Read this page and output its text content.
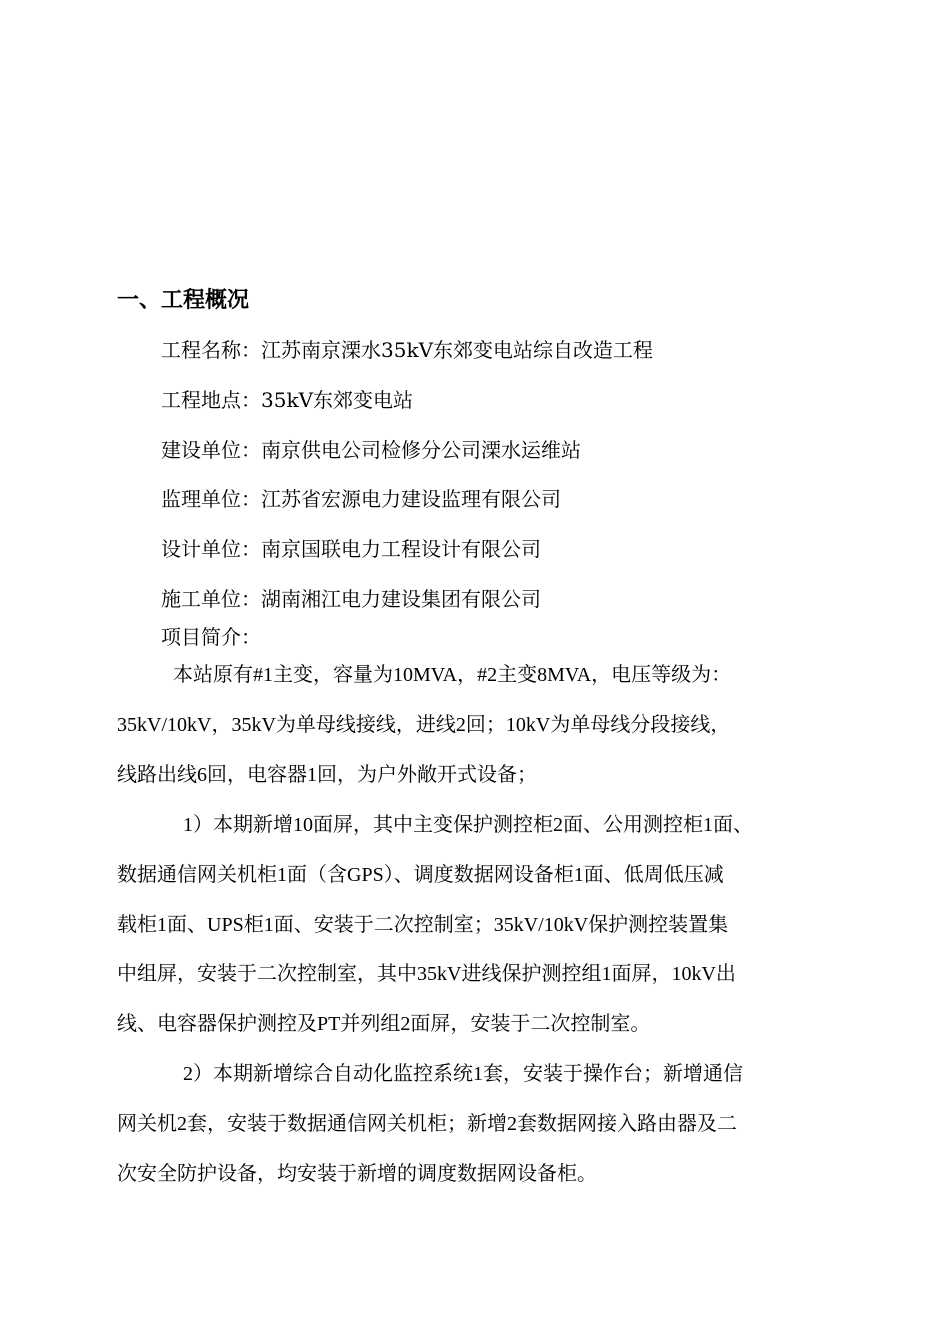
一、工程概况
工程名称：江苏南京溧水35kV东郊变电站综自改造工程
工程地点：35kV东郊变电站
建设单位：南京供电公司检修分公司溧水运维站
监理单位：江苏省宏源电力建设监理有限公司
设计单位：南京国联电力工程设计有限公司
施工单位：湖南湘江电力建设集团有限公司
项目简介：
本站原有#1主变，容量为10MVA，#2主变8MVA，电压等级为：
35kV/10kV，35kV为单母线接线，进线2回；10kV为单母线分段接线，
线路出线6回，电容器1回，为户外敞开式设备；
1）本期新增10面屏，其中主变保护测控柜2面、公用测控柜1面、
数据通信网关机柜1面（含GPS）、调度数据网设备柜1面、低周低压减
载柜1面、UPS柜1面、安装于二次控制室；35kV/10kV保护测控装置集
中组屏，安装于二次控制室，其中35kV进线保护测控组1面屏，10kV出
线、电容器保护测控及PT并列组2面屏，安装于二次控制室。
2）本期新增综合自动化监控系统1套，安装于操作台；新增通信
网关机2套，安装于数据通信网关机柜；新增2套数据网接入路由器及二
次安全防护设备，均安装于新增的调度数据网设备柜。
